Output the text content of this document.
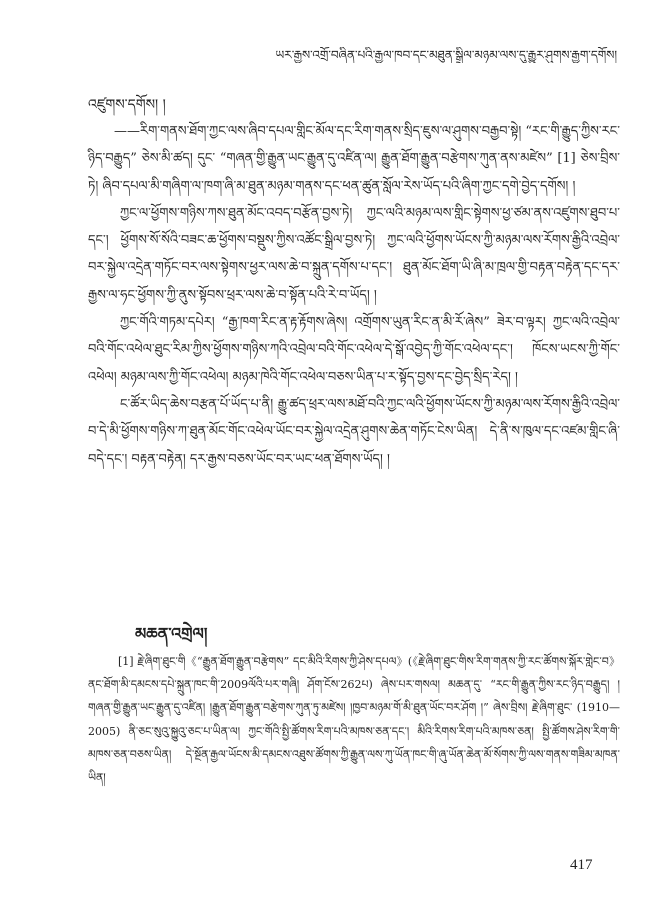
ཡར་རྒྱས་འགྲོ་བཞིན་པའི་རྒྱལ་ཁབ་དང་མཐུན་སྒྲིལ་མཉམ་ལས་དུ་རྒྱུར་ཤུགས་རྒྱག་དགོས།

འཛུགས་དགོས། །

——རིག་གནས་ཐོག་ཀྱང་ལས་ཞིབ་དཔལ་གླིང་མོལ་དང་རིག་གནས་སྲིད་ཇུས་ལ་ཤུགས་བརྒྱབ་སྟེ། “རང་གི་རྒྱུད་ཀྱིས་རང་ཉིད་བརྒྱུད” ཅེས་མི་ཚད། དུང་ “གཞན་གྱི་རྒྱུན་ཡང་རྒྱུན་དུ་འཛིན་ལ། རྒྱུན་ཐོག་རྒྱུན་བརྩེགས་ཀུན་ནས་མཛེས” [1] ཅེས་བྲིས་ཏེ། ཞིབ་དཔལ་མི་གཞིག་ལ་ཁག་ཞི་མ་ཐུན་མཉམ་གནས་དང་ཕན་ཚུན་སློལ་རེས་ཡོད་པའི་ཞིག་ཀྱང་དགེ་བྱེད་དགོས། །

ཀྱང་ལ་ཕྱོགས་གཉིས་ཀས་ཐུན་མོང་འབད་བརྩོན་བྱས་ཏེ། ཀྱང་ལའི་མཉམ་ལས་གླིང་སྟེགས་ཕྱ་ཙམ་ནས་འཛུགས་ཐུབ་པ་དང་། ཕྱོགས་སོ་སོའི་བཟང་ཆ་ཕྱོགས་བསྡུས་ཀྱིས་འཚོང་སྒྲིལ་བྱས་ཏེ། ཀྱང་ལའི་ཕྱོགས་ཡོངས་ཀྱི་མཉམ་ལས་རོགས་རྒྱིའི་འབྲེལ་བར་སྐྱེལ་འདྲེན་གཏོང་བར་ལས་སྟེགས་ཕྱར་ལས་ཆེ་བ་སྐྲུན་དགོས་པ་དང་། ཐུན་མོང་ཐོག་ཡི་ཞི་མ་ཁྲལ་གྱི་བརྟན་བརྟེན་དང་དར་རྒྱས་ལ་ཧང་ཕྱོགས་ཀྱི་ནུས་སྟོབས་ཕྲར་ལས་ཆེ་བ་སྟོན་པའི་རེ་བ་ཡོད། །

ཀྱང་གོའི་གཏམ་དཔེར། “རྒྱ་ཁག་རིང་ན་རྟ་རྟོགས་ཞེས། འགྲོགས་ཡུན་རིང་ན་མི་རོ་ཞེས” ཟེར་བ་ལྟར། ཀྱང་ལའི་འབྲེལ་བའི་གོང་འཕེལ་ཐུང་རིམ་ཀྱིས་ཕྱོགས་གཉིས་ཀའི་འབྲེལ་བའི་གོང་འཕེལ་དེ་སྒོ་འབྱེད་ཀྱི་གོང་འཕེལ་དང་། ཁོངས་ཡངས་ཀྱི་གོང་འཕེལ། མཉམ་ལས་ཀྱི་གོང་འཕེལ། མཉམ་ཁེའི་གོང་འཕེལ་བཅས་ཡིན་པ་ར་སྟོད་བྱས་དང་བྱེད་སྲིད་རེད། །

ང་ཚོར་ཡིད་ཆེས་བརྩན་པོ་ཡོད་པ་ནི། རྒྱུ་ཚད་ཕྲར་ལས་མཐོ་བའི་ཀྱང་ལའི་ཕྱོགས་ཡོངས་ཀྱི་མཉམ་ལས་རོགས་རྒྱིའི་འབྲེལ་བ་དེ་མི་ཕྱོགས་གཉིས་ཀ་ཐུན་མོང་གོང་འཕེལ་ཡོང་བར་སྐྱེལ་འདྲེན་ཤུགས་ཆེན་གཏོང་ངེས་ཡིན། དེ་ནི་ས་ཁུལ་དང་འཛམ་གླིང་ཞི་བདེ་དང་། བརྟན་བརྟེན། དར་རྒྱས་བཅས་ཡོང་བར་ཡང་ཕན་ཐོགས་ཡོད། །

མཆན་འགྲེལ།

[1] རྗེ་ཞིག་ཐུང་གི《“རྒྱུན་ཐོག་རྒྱུན་བརྩེགས” དང་མིའི་རིགས་ཀྱི་ཤེས་དཔལ》(《རྗེ་ཞིག་ཐུང་གིས་རིག་གནས་ཀྱི་རང་ཚོགས་སྐོར་གླེང་བ》ནང་ཐོག་མི་དམངས་དཔེ་སྐྲུན་ཁང་གི་2009ལོའི་པར་གཞི། ཤོག་ངོས་262པ) ཞེས་པར་གསལ། མཆན་དུ་ “རང་གི་རྒྱུན་ཀྱིས་རང་ཉིད་བརྒྱུད། །གཞན་གྱི་རྒྱུན་ཡང་རྒྱུན་དུ་འཛིན། །རྒྱུན་ཐོག་རྒྱུན་བརྩེགས་ཀུན་ཏུ་མཛེས། །ཁྱབ་མཉམ་གོ་མི་ཐུན་ཡོང་བར་ཤོག །” ཞེས་བྲིས། རྗེ་ཞིག་ཐུང་ (1910—2005) ནི་ཅང་སུའུ་སྐྱུའུ་ཅང་པ་ཡིན་ལ། ཀྱང་གོའི་སྤྱི་ཚོགས་རིག་པའི་མཁས་ཅན་དང་། མིའི་རིགས་རིག་པའི་མཁས་ཅན། སྤྱི་ཚོགས་ཤེས་རིག་གི་མཁས་ཅན་བཅས་ཡིན། དེ་སྔོན་རྒྱལ་ཡོངས་མི་དམངས་འཐུས་ཚོགས་ཀྱི་རྒྱུན་ལས་ཀུ་ཡོན་ཁང་གི་ཞུ་ཡོན་ཆེན་མོ་སོགས་ཀྱི་ལས་གནས་གཟིམ་མཁན་ཡིན།

417
